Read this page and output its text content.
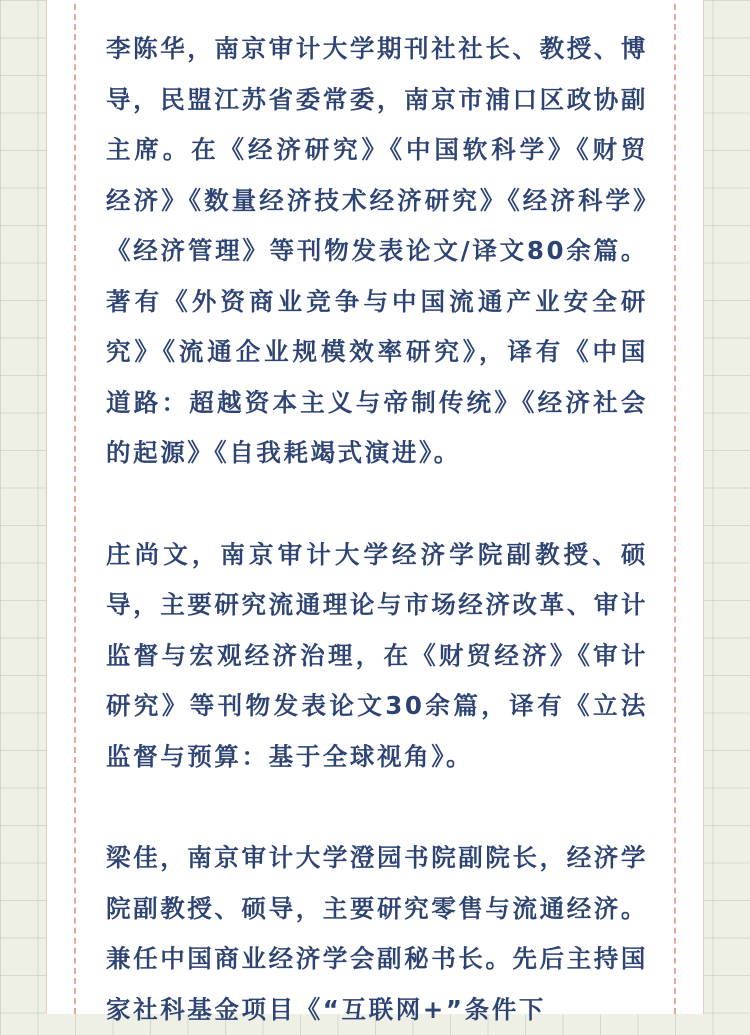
李陈华，南京审计大学期刊社社长、教授、博导，民盟江苏省委常委，南京市浦口区政协副主席。在《经济研究》《中国软科学》《财贸经济》《数量经济技术经济研究》《经济科学》《经济管理》等刊物发表论文/译文80余篇。著有《外资商业竞争与中国流通产业安全研究》《流通企业规模效率研究》，译有《中国道路：超越资本主义与帝制传统》《经济社会的起源》《自我耗竭式演进》。

庄尚文，南京审计大学经济学院副教授、硕导，主要研究流通理论与市场经济改革、审计监督与宏观经济治理，在《财贸经济》《审计研究》等刊物发表论文30余篇，译有《立法监督与预算：基于全球视角》。

梁佳，南京审计大学澄园书院副院长，经济学院副教授、硕导，主要研究零售与流通经济。兼任中国商业经济学会副秘书长。先后主持国家社科基金项目《“互联网+”条件下
